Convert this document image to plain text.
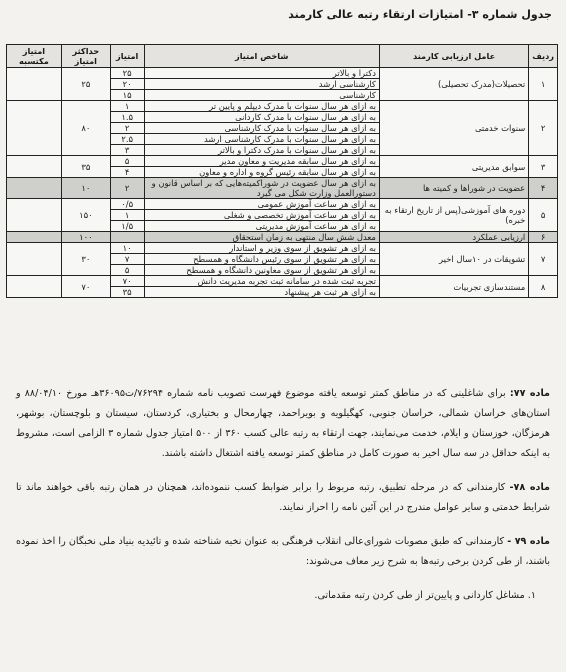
جدول شماره ۳- امتیازات ارتقاء رتبه عالی کارمند
ردیف	عامل ارزیابی کارمند	شاخص امتیاز	امتیاز	حداکثر امتیاز	امتیاز مکتسبه
۱	تحصیلات(مدرک تحصیلی)	دکترا و بالاتر	۲۵	۲۵	
		کارشناسی ارشد	۲۰		
		کارشناسی	۱۵		
۲	سنوات خدمتی	به ازای هر سال سنوات با مدرک دیپلم و پایین تر	۱	۸۰	
		به ازای هر سال سنوات با مدرک کاردانی	۱.۵		
		به ازای هر سال سنوات با مدرک کارشناسی	۲		
		به ازای هر سال سنوات با مدرک کارشناسی ارشد	۲.۵		
		به ازای هر سال سنوات با مدرک دکترا و بالاتر	۳		
۳	سوابق مدیریتی	به ازای هر سال سابقه مدیریت و معاون مدیر	۵	۳۵	
		به ازای هر سال سابقه رئیس گروه و اداره و معاون	۴		
۴	عضویت در شوراها و کمیته ها	به ازای هر سال عضویت در شوراکمیته‌هایی که بر اساس قانون و دستورالعمل وزارت شکل می گیرد	۲	۱۰	
۵	دوره های آموزشی(پس از تاریخ ارتقاء به خبره)	به ازای هر ساعت آموزش عمومی	۰/۵	۱۵۰	
		به ازای هر ساعت آموزش تخصصی و شغلی	۱		
		به ازای هر ساعت آموزش مدیریتی	۱/۵		
۶	ارزیابی عملکرد	معدل شش سال منتهی به زمان استحقاق		۱۰۰	
۷	تشویقات در ۱۰سال اخیر	به ازای هر تشویق از سوی وزیر و استاندار	۱۰	۳۰	
		به ازای هر تشویق از سوی رئیس دانشگاه و همسطح	۷		
		به ازای هر تشویق از سوی معاونین دانشگاه و همسطح	۵		
۸	مستندسازی تجربیات	تجربه ثبت شده در سامانه ثبت تجربه مدیریت دانش	۷۰	۷۰	
		به ازای هر ثبت هر پیشنهاد	۳۵		

ماده ۷۷: برای شاغلینی که در مناطق کمتر توسعه یافته موضوع فهرست تصویب نامه شماره ۷۶۲۹۴/ت۳۶۰۹۵هـ مورخ ۸۸/۰۴/۱۰ و استان‌های خراسان شمالی، خراسان جنوبی، کهگیلویه و بویراحمد، چهارمحال و بختیاری، کردستان، سیستان و بلوچستان، بوشهر، هرمزگان، خوزستان و ایلام، خدمت می‌نمایند، جهت ارتقاء به رتبه عالی کسب ۳۶۰ از ۵۰۰ امتیاز جدول شماره ۳ الزامی است، مشروط به اینکه حداقل در سه سال اخیر به صورت کامل در مناطق کمتر توسعه یافته اشتغال داشته باشند.

ماده ۷۸- کارمندانی که در مرحله تطبیق، رتبه مربوط را برابر ضوابط کسب ننموده‌اند، همچنان در همان رتبه باقی خواهند ماند تا شرایط خدمتی و سایر عوامل مندرج در این آئین نامه را احراز نمایند.

ماده ۷۹ - کارمندانی که طبق مصوبات شورای‌عالی انقلاب فرهنگی به عنوان نخبه شناخته شده و تائیدیه بنیاد ملی نخبگان را اخذ نموده باشند، از طی کردن برخی رتبه‌ها به شرح زیر معاف می‌شوند:

۱. مشاغل کاردانی و پایین‌تر از طی کردن رتبه مقدماتی.
